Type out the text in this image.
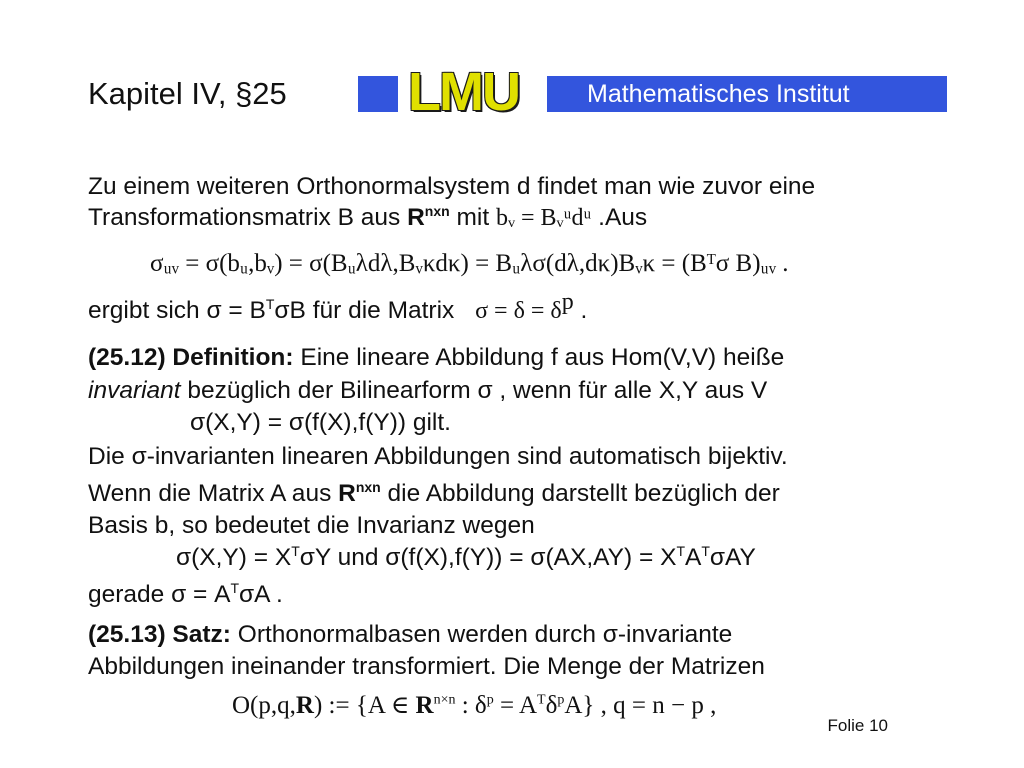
Kapitel IV, §25 LMU	Mathematisches Institut
Zu einem weiteren Orthonormalsystem d findet man wie zuvor eine
Transformationsmatrix B aus $R^{nxn}$ mit bᵥ = Bᵥᵘdᵘ .Aus
σᵤᵥ = σ(bᵤ,bᵥ) = σ(Bᵤλdλ,Bᵥκdκ) = Bᵤλσ(dλ,dκ)Bᵥκ = (Bᵀσ B)ᵤᵥ .
ergibt sich $\sigma = B^T\sigma B$ für die Matrix $\sigma = \delta = \delta^p$ .
(25.12) Definition: Eine lineare Abbildung f aus Hom(V,V) heiße
invariant bezüglich der Bilinearform σ , wenn für alle X,Y aus V
σ(X,Y) = σ(f(X),f(Y)) gilt.
Die σ-invarianten linearen Abbildungen sind automatisch bijektiv.
Wenn die Matrix A aus $R^{nxn}$ die Abbildung darstellt bezüglich der
Basis b, so bedeutet die Invarianz wegen
$\sigma(X,Y) = X^T\sigma Y$ und $\sigma(f(X),f(Y)) = \sigma(AX,AY) = X^TA^T\sigma AY$
gerade $\sigma = A^T\sigma A$ .
(25.13) Satz: Orthonormalbasen werden durch σ-invariante
Abbildungen ineinander transformiert. Die Menge der Matrizen
O(p,q,R) := {A ∈ $R^{n\times n}$ : $\delta^p = A^T\delta^pA$} , q = n − p ,
Folie 10
